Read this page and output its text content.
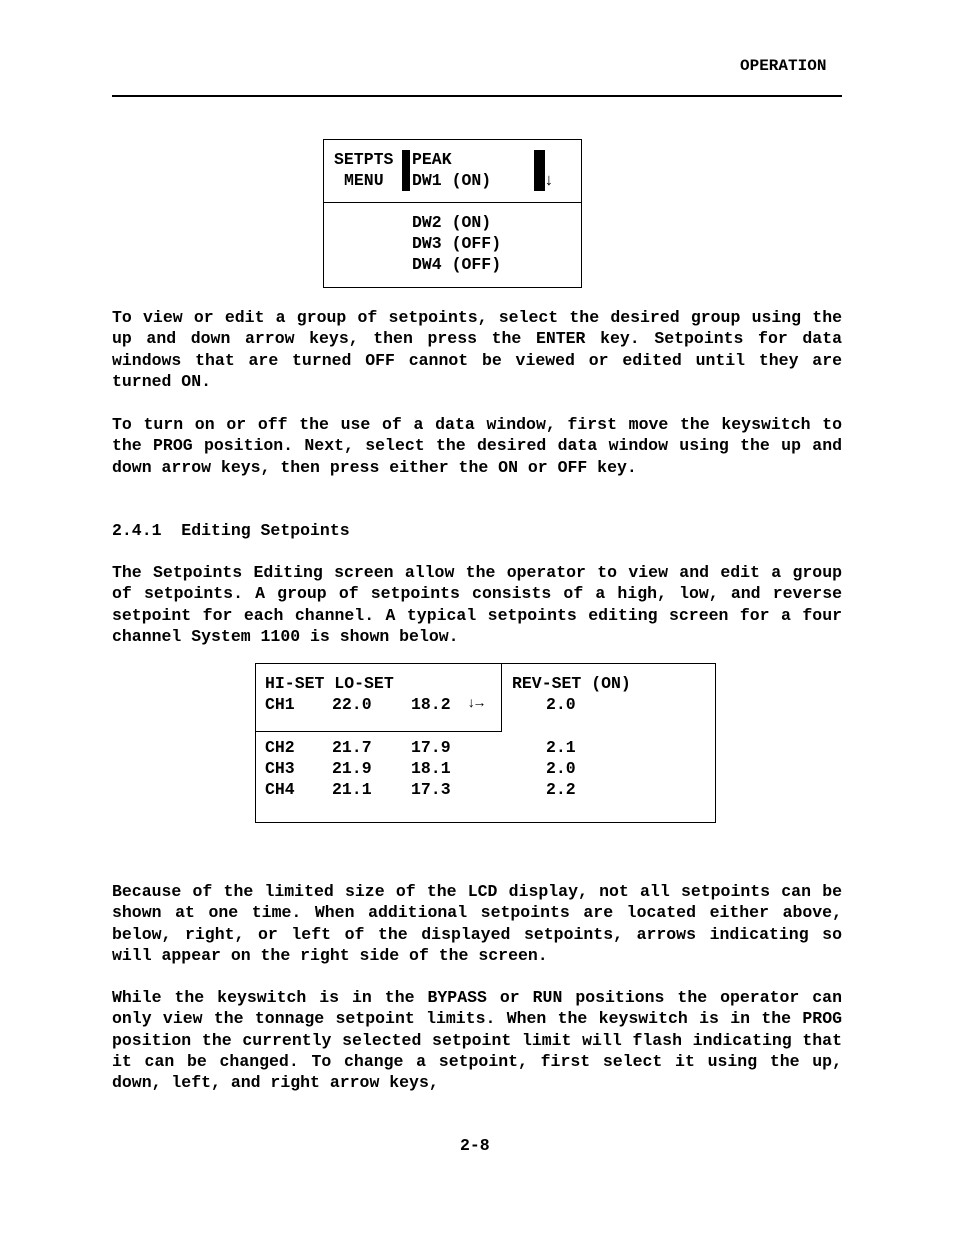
OPERATION
SETPTS PEAK
MENU DW1 (ON)	↓
DW2 (ON)
DW3 (OFF)
DW4 (OFF)
To view or edit a group of setpoints, select the desired group using the up and down arrow keys, then press the ENTER key. Setpoints for data windows that are turned OFF cannot be viewed or edited until they are turned ON.
To turn on or off the use of a data window, first move the keyswitch to the PROG position. Next, select the desired data window using the up and down arrow keys, then press either the ON or OFF key.
2.4.1  Editing Setpoints
The Setpoints Editing screen allow the operator to view and edit a group of setpoints. A group of setpoints consists of a high, low, and reverse setpoint for each channel. A typical setpoints editing screen for a four channel System 1100 is shown below.
HI-SET LO-SET	REV-SET (ON)
CH1 22.0 18.2 ↓→	2.0
CH2 21.7 17.9	2.1
CH3 21.9 18.1	2.0
CH4 21.1 17.3	2.2
Because of the limited size of the LCD display, not all setpoints can be shown at one time. When additional setpoints are located either above, below, right, or left of the displayed setpoints, arrows indicating so will appear on the right side of the screen.
While the keyswitch is in the BYPASS or RUN positions the operator can only view the tonnage setpoint limits. When the keyswitch is in the PROG position the currently selected setpoint limit will flash indicating that it can be changed. To change a setpoint, first select it using the up, down, left, and right arrow keys,
2-8
